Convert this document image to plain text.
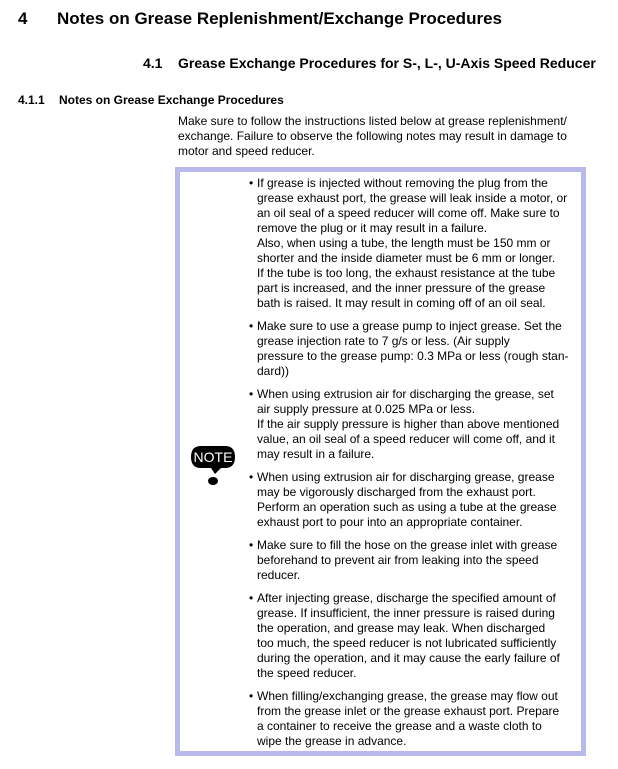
4 Notes on Grease Replenishment/Exchange Procedures
4.1 Grease Exchange Procedures for S-, L-, U-Axis Speed Reducer
4.1.1 Notes on Grease Exchange Procedures
Make sure to follow the instructions listed below at grease replenishment/
exchange. Failure to observe the following notes may result in damage to
motor and speed reducer.
NOTE
• If grease is injected without removing the plug from the
grease exhaust port, the grease will leak inside a motor, or
an oil seal of a speed reducer will come off. Make sure to
remove the plug or it may result in a failure.
Also, when using a tube, the length must be 150 mm or
shorter and the inside diameter must be 6 mm or longer.
If the tube is too long, the exhaust resistance at the tube
part is increased, and the inner pressure of the grease
bath is raised. It may result in coming off of an oil seal.
• Make sure to use a grease pump to inject grease. Set the
grease injection rate to 7 g/s or less. (Air supply
pressure to the grease pump: 0.3 MPa or less (rough stan-
dard))
• When using extrusion air for discharging the grease, set
air supply pressure at 0.025 MPa or less.
If the air supply pressure is higher than above mentioned
value, an oil seal of a speed reducer will come off, and it
may result in a failure.
• When using extrusion air for discharging grease, grease
may be vigorously discharged from the exhaust port.
Perform an operation such as using a tube at the grease
exhaust port to pour into an appropriate container.
• Make sure to fill the hose on the grease inlet with grease
beforehand to prevent air from leaking into the speed
reducer.
• After injecting grease, discharge the specified amount of
grease. If insufficient, the inner pressure is raised during
the operation, and grease may leak. When discharged
too much, the speed reducer is not lubricated sufficiently
during the operation, and it may cause the early failure of
the speed reducer.
• When filling/exchanging grease, the grease may flow out
from the grease inlet or the grease exhaust port. Prepare
a container to receive the grease and a waste cloth to
wipe the grease in advance.
